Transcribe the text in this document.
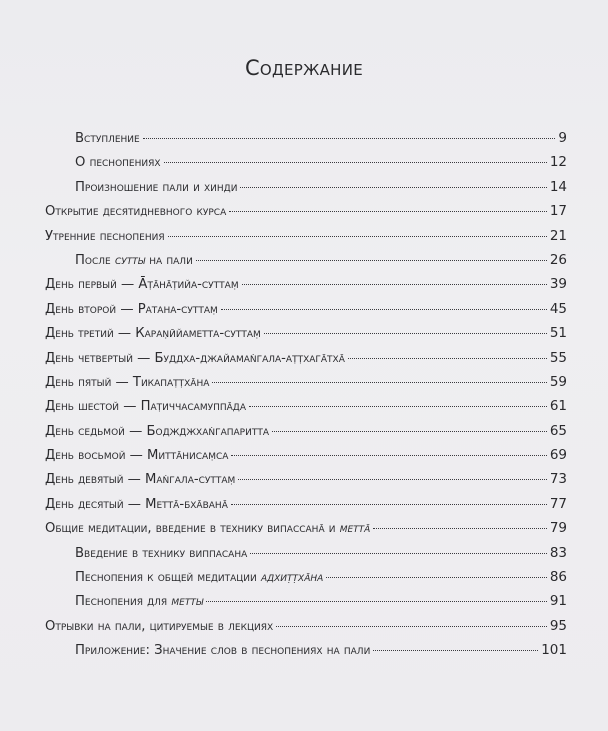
Содержание
Вступление	9
О песнопениях	12
Произношение пали и хинди	14
Открытие десятидневного курса	17
Утренние песнопения	21
После сутты на пали	26
День первый — Āṭāнāṭийа-суттаṃ	39
День второй — Ратана-суттаṃ	45
День третий — Караṇӣйаметта-суттаṃ	51
День четвертый — Буддха-джайамаṅгала-аṭṭхагāтхā	55
День пятый — Тикапаṭṭхāна	59
День шестой — Паṭиччасамуппāда	61
День седьмой — Боджджхаṅгапаритта	65
День восьмой — Миттāнисаṃса	69
День девятый — Маṅгала-суттаṃ	73
День десятый — Меттā-бхāванā	77
Общие медитации, введение в технику випассанā и меттā	79
Введение в технику виппасана	83
Песнопения к общей медитации адхиṭṭхāна	86
Песнопения для метты	91
Отрывки на пали, цитируемые в лекциях	95
Приложение: Значение слов в песнопениях на пали	101
